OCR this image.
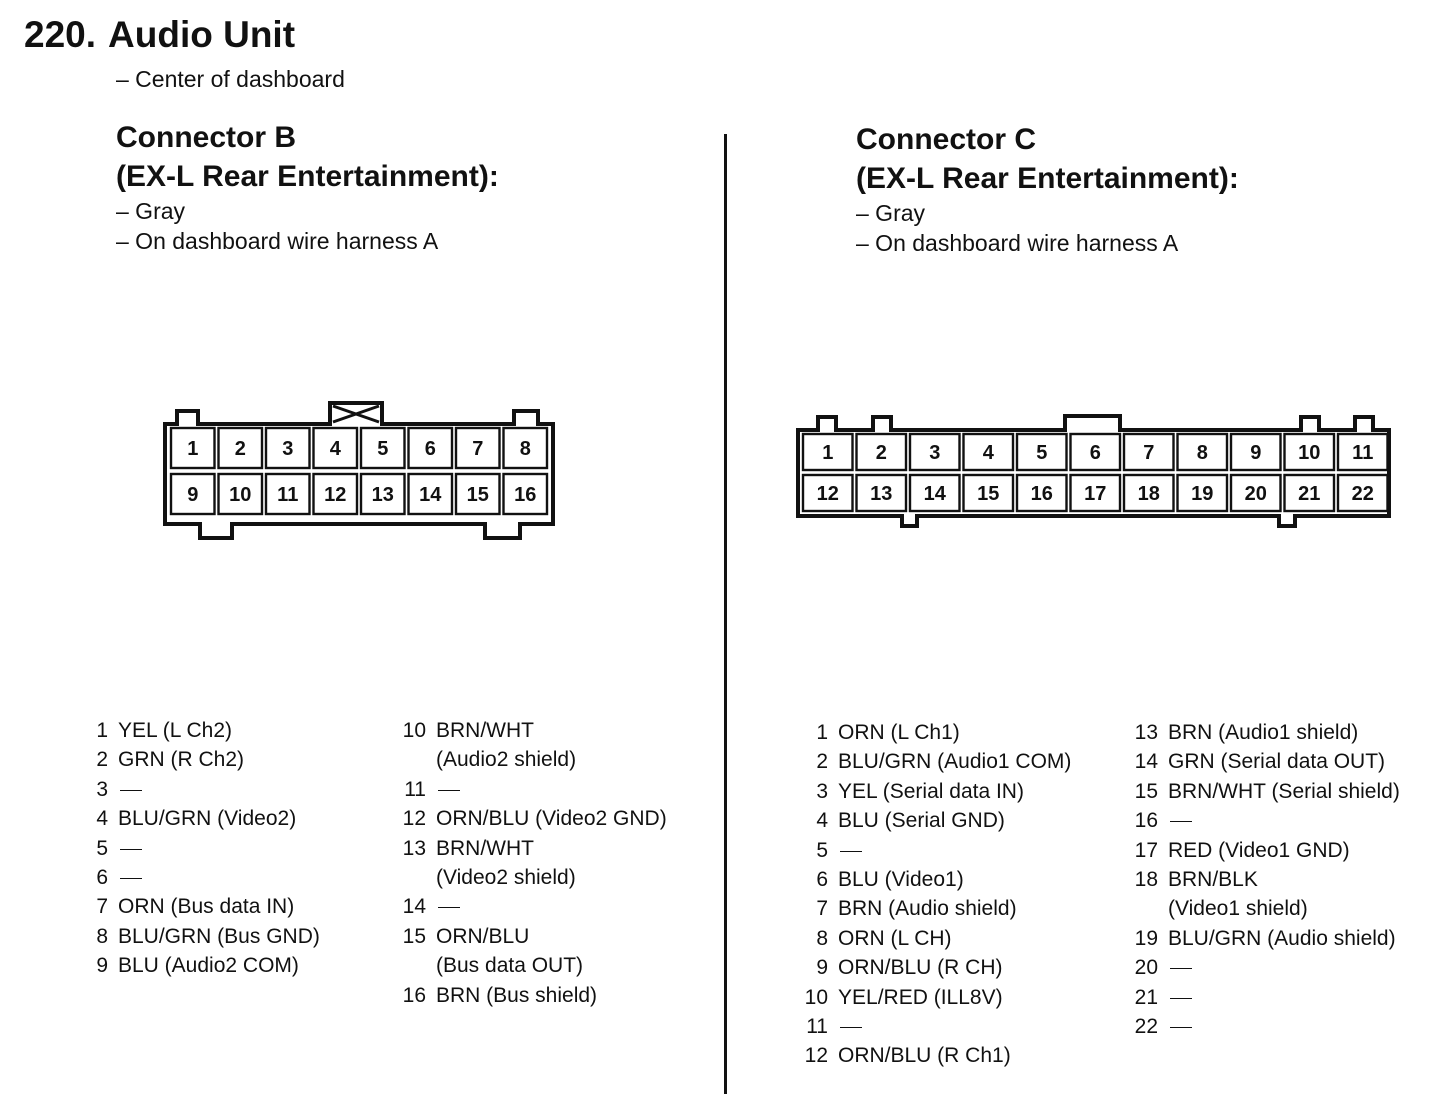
220. Audio Unit
– Center of dashboard
Connector B
(EX-L Rear Entertainment):
– Gray
– On dashboard wire harness A
Connector C
(EX-L Rear Entertainment):
– Gray
– On dashboard wire harness A
1 2 3 4 5 6 7 8
9 10 11 12 13 14 15 16
1 2 3 4 5 6 7 8 9 10 11
12 13 14 15 16 17 18 19 20 21 22
1 YEL (L Ch2)
2 GRN (R Ch2)
3
4 BLU/GRN (Video2)
5
6
7 ORN (Bus data IN)
8 BLU/GRN (Bus GND)
9 BLU (Audio2 COM)
10 BRN/WHT
(Audio2 shield)
11
12 ORN/BLU (Video2 GND)
13 BRN/WHT
(Video2 shield)
14
15 ORN/BLU
(Bus data OUT)
16 BRN (Bus shield)
1 ORN (L Ch1)
2 BLU/GRN (Audio1 COM)
3 YEL (Serial data IN)
4 BLU (Serial GND)
5
6 BLU (Video1)
7 BRN (Audio shield)
8 ORN (L CH)
9 ORN/BLU (R CH)
10 YEL/RED (ILL8V)
11
12 ORN/BLU (R Ch1)
13 BRN (Audio1 shield)
14 GRN (Serial data OUT)
15 BRN/WHT (Serial shield)
16
17 RED (Video1 GND)
18 BRN/BLK
(Video1 shield)
19 BLU/GRN (Audio shield)
20
21
22
